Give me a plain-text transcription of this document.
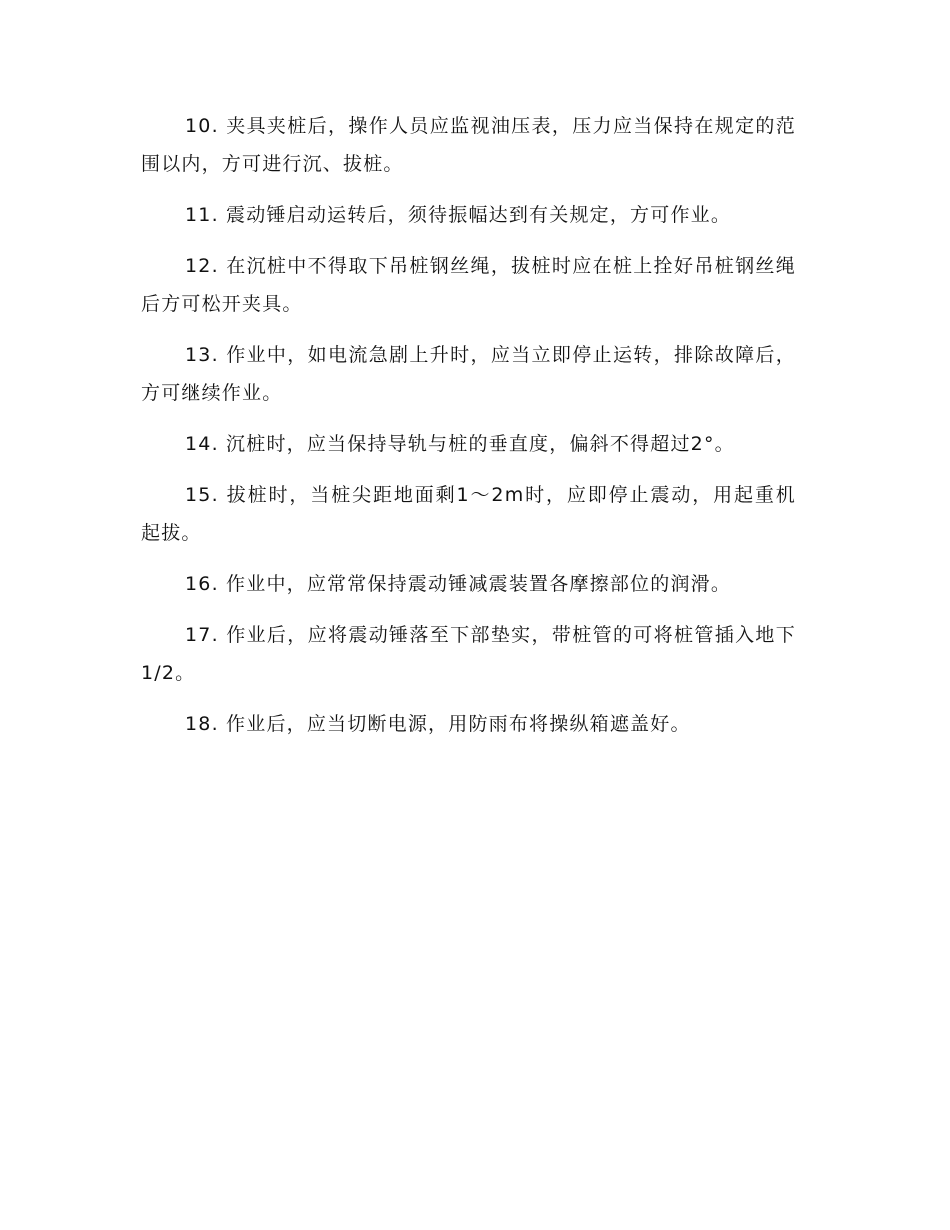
10. 夹具夹桩后，操作人员应监视油压表，压力应当保持在规定的范围以内，方可进行沉、拔桩。

11. 震动锤启动运转后，须待振幅达到有关规定，方可作业。

12. 在沉桩中不得取下吊桩钢丝绳，拔桩时应在桩上拴好吊桩钢丝绳后方可松开夹具。

13. 作业中，如电流急剧上升时，应当立即停止运转，排除故障后，方可继续作业。

14. 沉桩时，应当保持导轨与桩的垂直度，偏斜不得超过2°。

15. 拔桩时，当桩尖距地面剩1～2m时，应即停止震动，用起重机起拔。

16. 作业中，应常常保持震动锤减震装置各摩擦部位的润滑。

17. 作业后，应将震动锤落至下部垫实，带桩管的可将桩管插入地下1/2。

18. 作业后，应当切断电源，用防雨布将操纵箱遮盖好。
